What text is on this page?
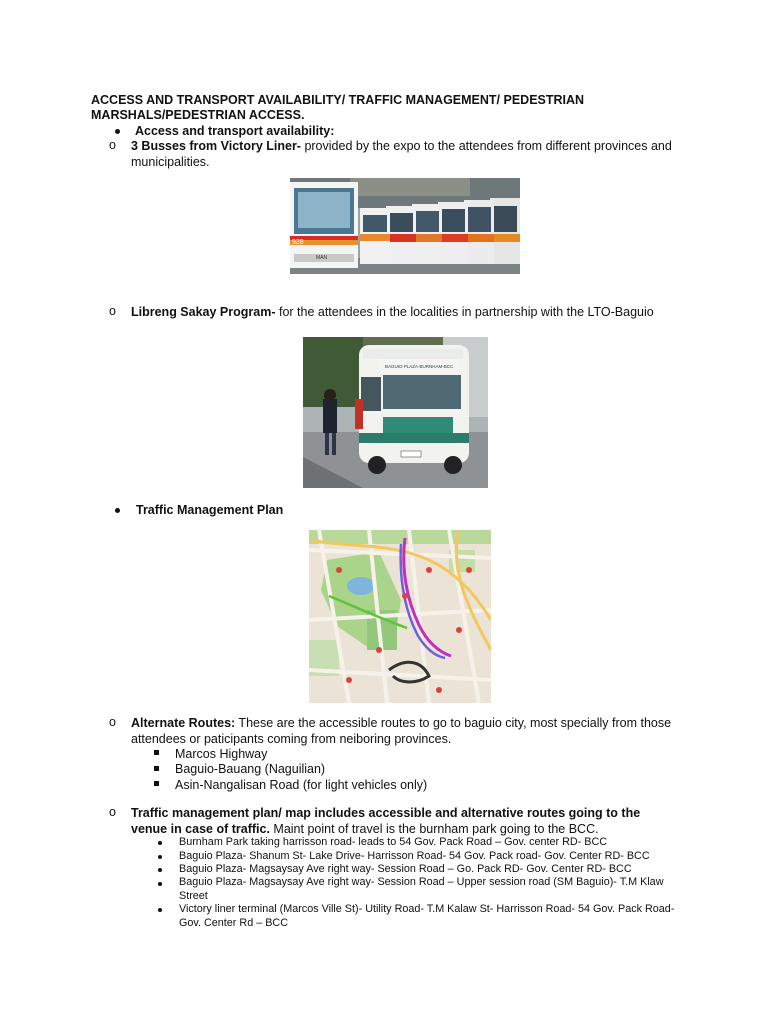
ACCESS AND TRANSPORT AVAILABILITY/ TRAFFIC MANAGEMENT/ PEDESTRIAN MARSHALS/PEDESTRIAN ACCESS.
Access and transport availability:
o 3 Busses from Victory Liner- provided by the expo to the attendees from different provinces and municipalities.
928
MAN
o Libreng Sakay Program- for the attendees in the localities in partnership with the LTO-Baguio
BAGUIO PLAZA-BURNHAM-BCC
Traffic Management Plan
o Alternate Routes: These are the accessible routes to go to baguio city, most specially from those attendees or paticipants coming from neiboring provinces.
Marcos Highway
Baguio-Bauang (Naguilian)
Asin-Nangalisan Road (for light vehicles only)
o Traffic management plan/ map includes accessible and alternative routes going to the venue in case of traffic. Maint point of travel is the burnham park going to the BCC.
Burnham Park taking harrisson road- leads to 54 Gov. Pack Road – Gov. center RD- BCC
Baguio Plaza- Shanum St- Lake Drive- Harrisson Road- 54 Gov. Pack road- Gov. Center RD- BCC
Baguio Plaza- Magsaysay Ave right way- Session Road – Go. Pack RD- Gov. Center RD- BCC
Baguio Plaza- Magsaysay Ave right way- Session Road – Upper session road (SM Baguio)- T.M Klaw Street
Victory liner terminal (Marcos Ville St)- Utility Road- T.M Kalaw St- Harrisson Road- 54 Gov. Pack Road- Gov. Center Rd – BCC
